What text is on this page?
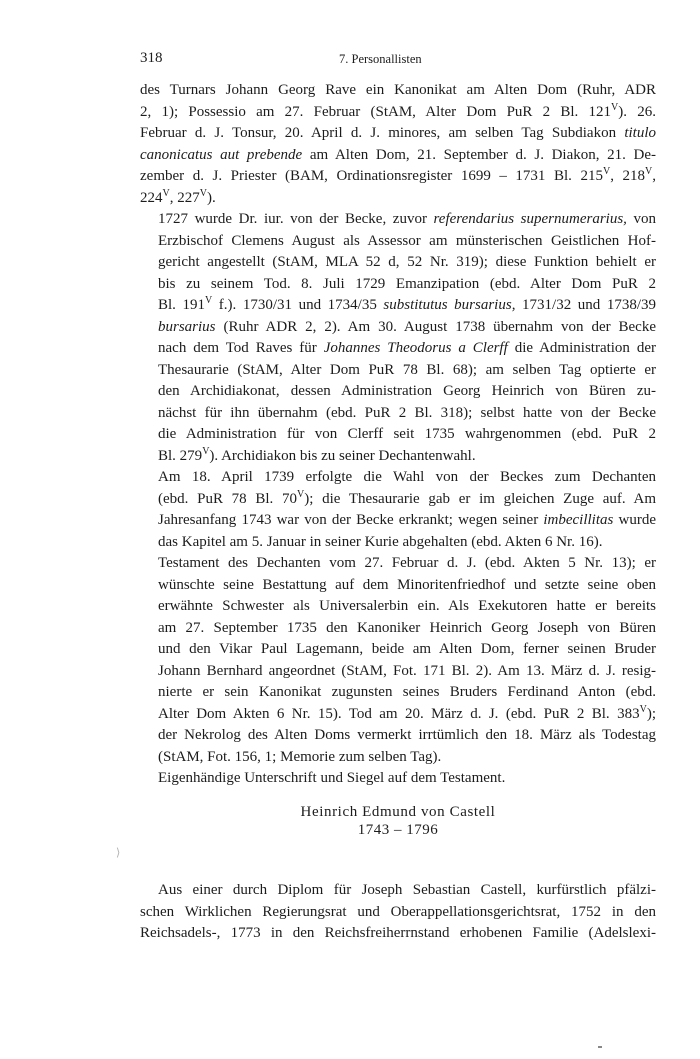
318	7. Personallisten

des Turnars Johann Georg Rave ein Kanonikat am Alten Dom (Ruhr, ADR
2, 1); Possessio am 27. Februar (StAM, Alter Dom PuR 2 Bl. $121^V$). 26.
Februar d. J. Tonsur, 20. April d. J. minores, am selben Tag Subdiakon titulo
canonicatus aut prebende am Alten Dom, 21. September d. J. Diakon, 21. De-
zember d. J. Priester (BAM, Ordinationsregister 1699 – 1731 Bl. $215^V$, $218^V$,
$224^V$, $227^V$).

1727 wurde Dr. iur. von der Becke, zuvor referendarius supernumerarius, von
Erzbischof Clemens August als Assessor am münsterischen Geistlichen Hof-
gericht angestellt (StAM, MLA 52 d, 52 Nr. 319); diese Funktion behielt er
bis zu seinem Tod. 8. Juli 1729 Emanzipation (ebd. Alter Dom PuR 2
Bl. $191^V$ f.). 1730/31 und 1734/35 substitutus bursarius, 1731/32 und 1738/39
bursarius (Ruhr ADR 2, 2). Am 30. August 1738 übernahm von der Becke
nach dem Tod Raves für Johannes Theodorus a Clerff die Administration der
Thesaurarie (StAM, Alter Dom PuR 78 Bl. 68); am selben Tag optierte er
den Archidiakonat, dessen Administration Georg Heinrich von Büren zu-
nächst für ihn übernahm (ebd. PuR 2 Bl. 318); selbst hatte von der Becke
die Administration für von Clerff seit 1735 wahrgenommen (ebd. PuR 2
Bl. $279^V$). Archidiakon bis zu seiner Dechantenwahl.

Am 18. April 1739 erfolgte die Wahl von der Beckes zum Dechanten
(ebd. PuR 78 Bl. $70^V$); die Thesaurarie gab er im gleichen Zuge auf. Am
Jahresanfang 1743 war von der Becke erkrankt; wegen seiner imbecillitas wurde
das Kapitel am 5. Januar in seiner Kurie abgehalten (ebd. Akten 6 Nr. 16).

Testament des Dechanten vom 27. Februar d. J. (ebd. Akten 5 Nr. 13); er
wünschte seine Bestattung auf dem Minoritenfriedhof und setzte seine oben
erwähnte Schwester als Universalerbin ein. Als Exekutoren hatte er bereits
am 27. September 1735 den Kanoniker Heinrich Georg Joseph von Büren
und den Vikar Paul Lagemann, beide am Alten Dom, ferner seinen Bruder
Johann Bernhard angeordnet (StAM, Fot. 171 Bl. 2). Am 13. März d. J. resig-
nierte er sein Kanonikat zugunsten seines Bruders Ferdinand Anton (ebd.
Alter Dom Akten 6 Nr. 15). Tod am 20. März d. J. (ebd. PuR 2 Bl. $383^V$);
der Nekrolog des Alten Doms vermerkt irrtümlich den 18. März als Todestag
(StAM, Fot. 156, 1; Memorie zum selben Tag).

Eigenhändige Unterschrift und Siegel auf dem Testament.

Heinrich Edmund von Castell
1743 – 1796
⟩
Aus einer durch Diplom für Joseph Sebastian Castell, kurfürstlich pfälzi-
schen Wirklichen Regierungsrat und Oberappellationsgerichtsrat, 1752 in den
Reichsadels-, 1773 in den Reichsfreiherrnstand erhobenen Familie (Adelslexi-
